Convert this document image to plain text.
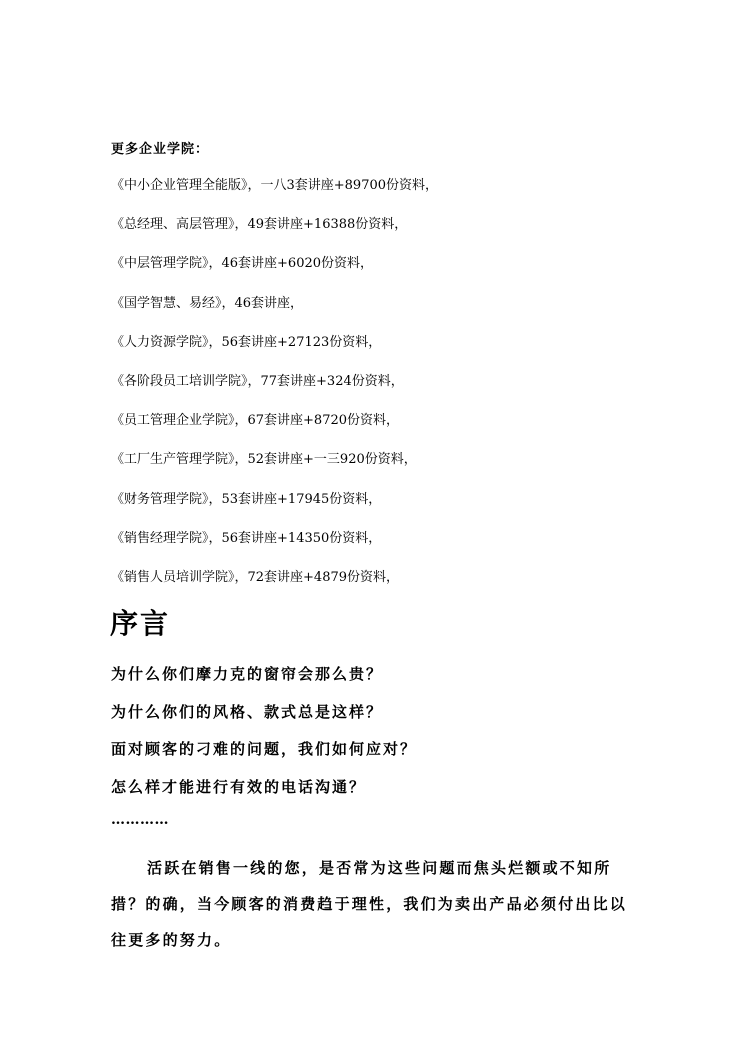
更多企业学院：
《中小企业管理全能版》，一八3套讲座+89700份资料，
《总经理、高层管理》，49套讲座+16388份资料，
《中层管理学院》，46套讲座+6020份资料，
《国学智慧、易经》，46套讲座，
《人力资源学院》，56套讲座+27123份资料，
《各阶段员工培训学院》，77套讲座+324份资料，
《员工管理企业学院》，67套讲座+8720份资料，
《工厂生产管理学院》，52套讲座+一三920份资料，
《财务管理学院》，53套讲座+17945份资料，
《销售经理学院》，56套讲座+14350份资料，
《销售人员培训学院》，72套讲座+4879份资料，
序言
为什么你们摩力克的窗帘会那么贵？
为什么你们的风格、款式总是这样？
面对顾客的刁难的问题，我们如何应对？
怎么样才能进行有效的电话沟通？
…………

活跃在销售一线的您，是否常为这些问题而焦头烂额或不知所措？的确，当今顾客的消费趋于理性，我们为卖出产品必须付出比以往更多的努力。
